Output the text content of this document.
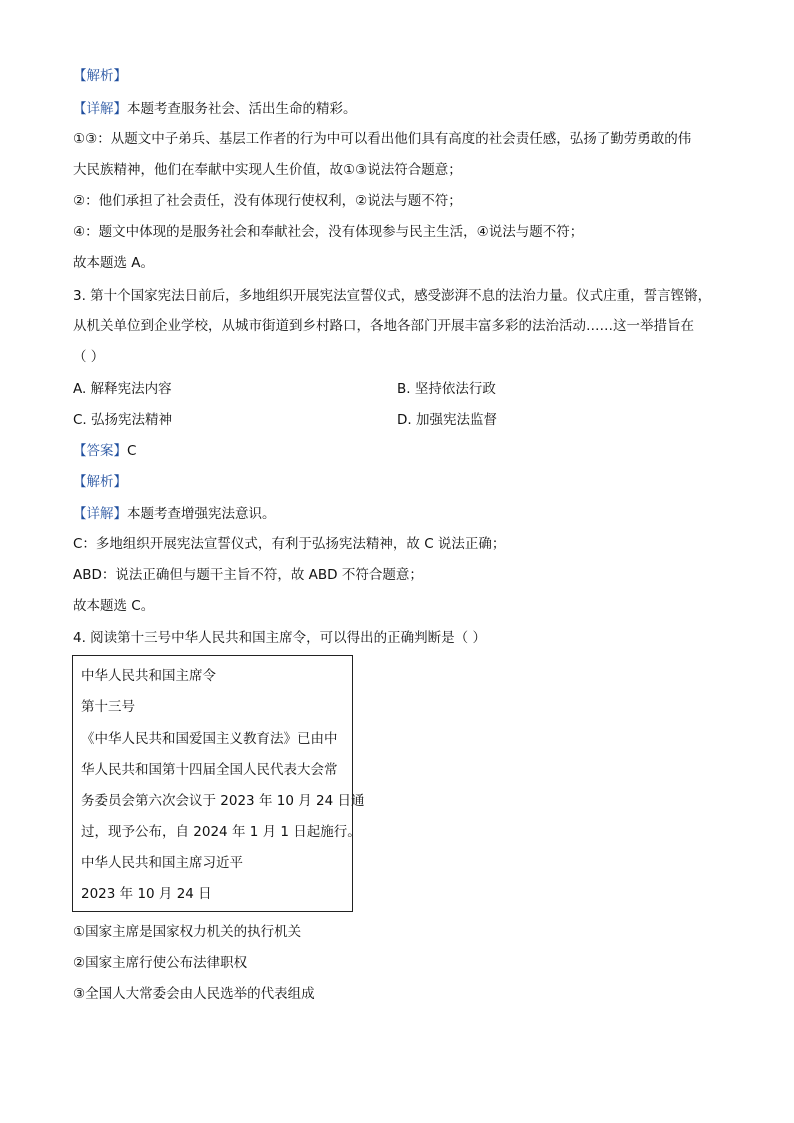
【解析】
【详解】本题考查服务社会、活出生命的精彩。
①③：从题文中子弟兵、基层工作者的行为中可以看出他们具有高度的社会责任感，弘扬了勤劳勇敢的伟
大民族精神，他们在奉献中实现人生价值，故①③说法符合题意；
②：他们承担了社会责任，没有体现行使权利，②说法与题不符；
④：题文中体现的是服务社会和奉献社会，没有体现参与民主生活，④说法与题不符；
故本题选 A。
3. 第十个国家宪法日前后，多地组织开展宪法宣誓仪式，感受澎湃不息的法治力量。仪式庄重，誓言铿锵，
从机关单位到企业学校，从城市街道到乡村路口，各地各部门开展丰富多彩的法治活动……这一举措旨在
（ ）
A. 解释宪法内容	B. 坚持依法行政
C. 弘扬宪法精神	D. 加强宪法监督
【答案】C
【解析】
【详解】本题考查增强宪法意识。
C：多地组织开展宪法宣誓仪式，有利于弘扬宪法精神，故 C 说法正确；
ABD：说法正确但与题干主旨不符，故 ABD 不符合题意；
故本题选 C。
4. 阅读第十三号中华人民共和国主席令，可以得出的正确判断是（ ）
中华人民共和国主席令
第十三号
《中华人民共和国爱国主义教育法》已由中
华人民共和国第十四届全国人民代表大会常
务委员会第六次会议于 2023 年 10 月 24 日通
过，现予公布，自 2024 年 1 月 1 日起施行。
中华人民共和国主席习近平
2023 年 10 月 24 日
①国家主席是国家权力机关的执行机关
②国家主席行使公布法律职权
③全国人大常委会由人民选举的代表组成
